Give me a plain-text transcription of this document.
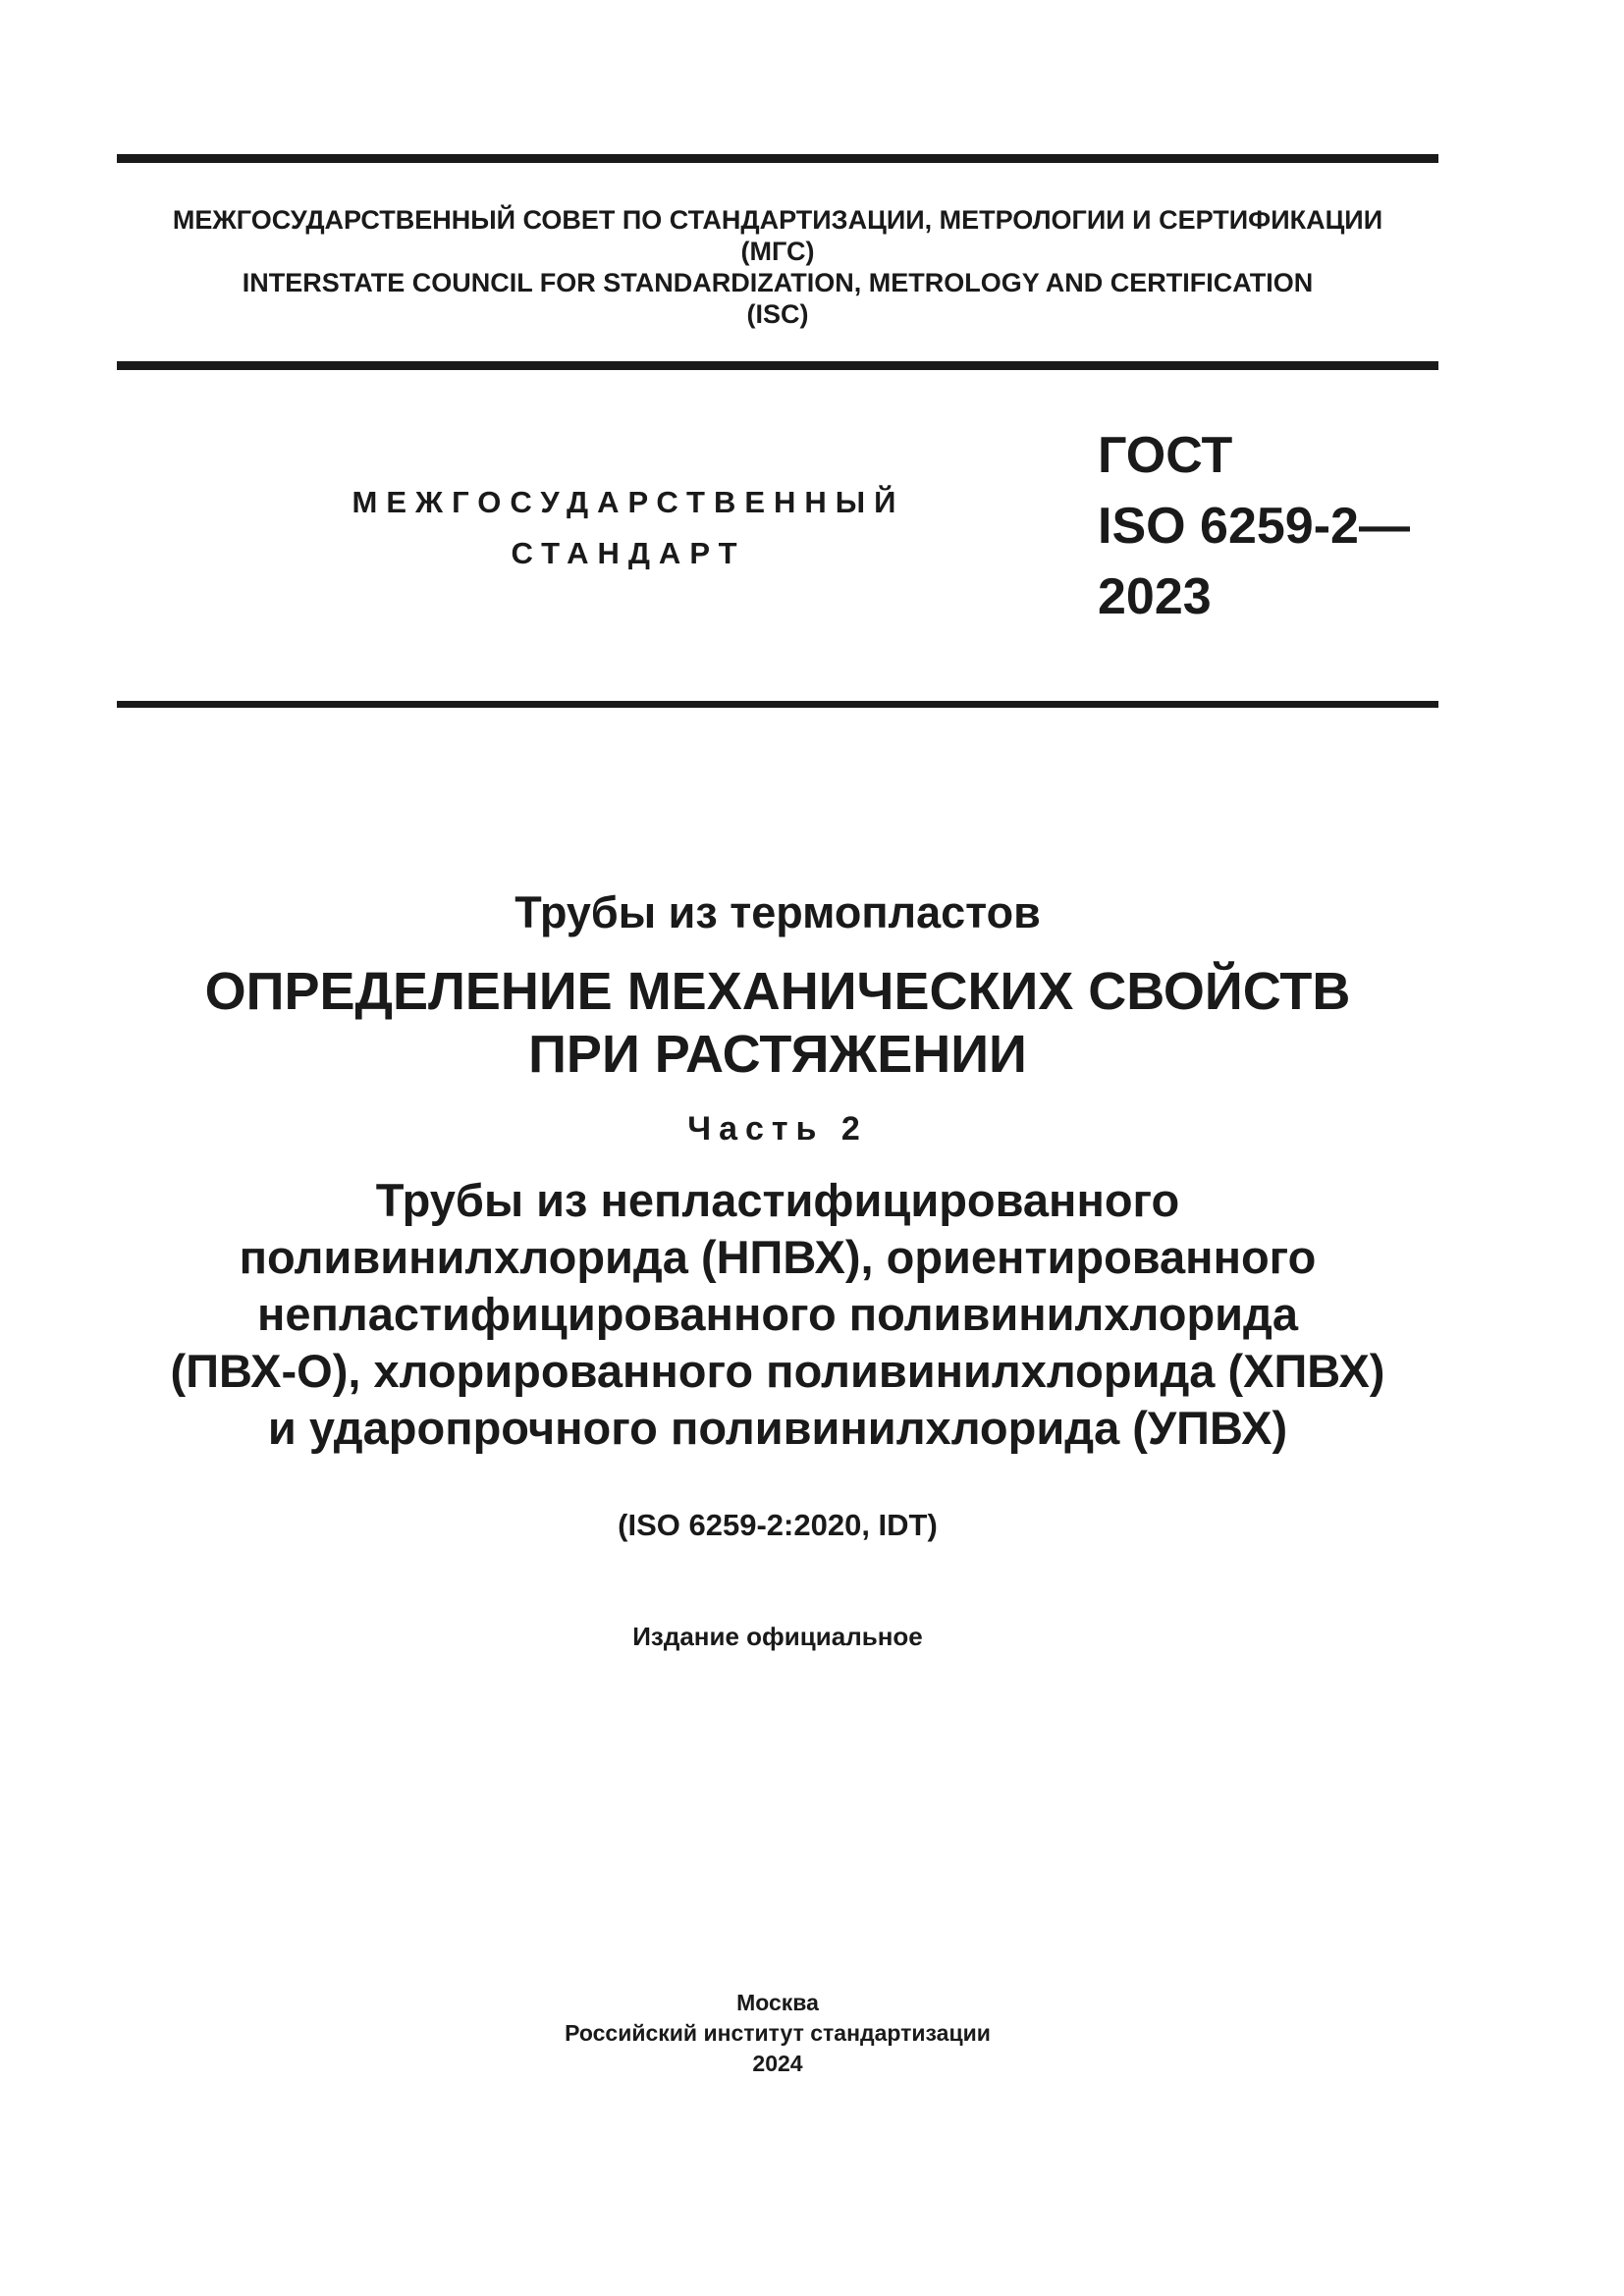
МЕЖГОСУДАРСТВЕННЫЙ СОВЕТ ПО СТАНДАРТИЗАЦИИ, МЕТРОЛОГИИ И СЕРТИФИКАЦИИ
(МГС)
INTERSTATE COUNCIL FOR STANDARDIZATION, METROLOGY AND CERTIFICATION
(ISC)
МЕЖГОСУДАРСТВЕННЫЙ
СТАНДАРТ
ГОСТ
ISO 6259-2—
2023
Трубы из термопластов
ОПРЕДЕЛЕНИЕ МЕХАНИЧЕСКИХ СВОЙСТВ
ПРИ РАСТЯЖЕНИИ
Часть 2
Трубы из непластифицированного
поливинилхлорида (НПВХ), ориентированного
непластифицированного поливинилхлорида
(ПВХ-О), хлорированного поливинилхлорида (ХПВХ)
и ударопрочного поливинилхлорида (УПВХ)
(ISO 6259-2:2020, IDT)
Издание официальное
Москва
Российский институт стандартизации
2024
